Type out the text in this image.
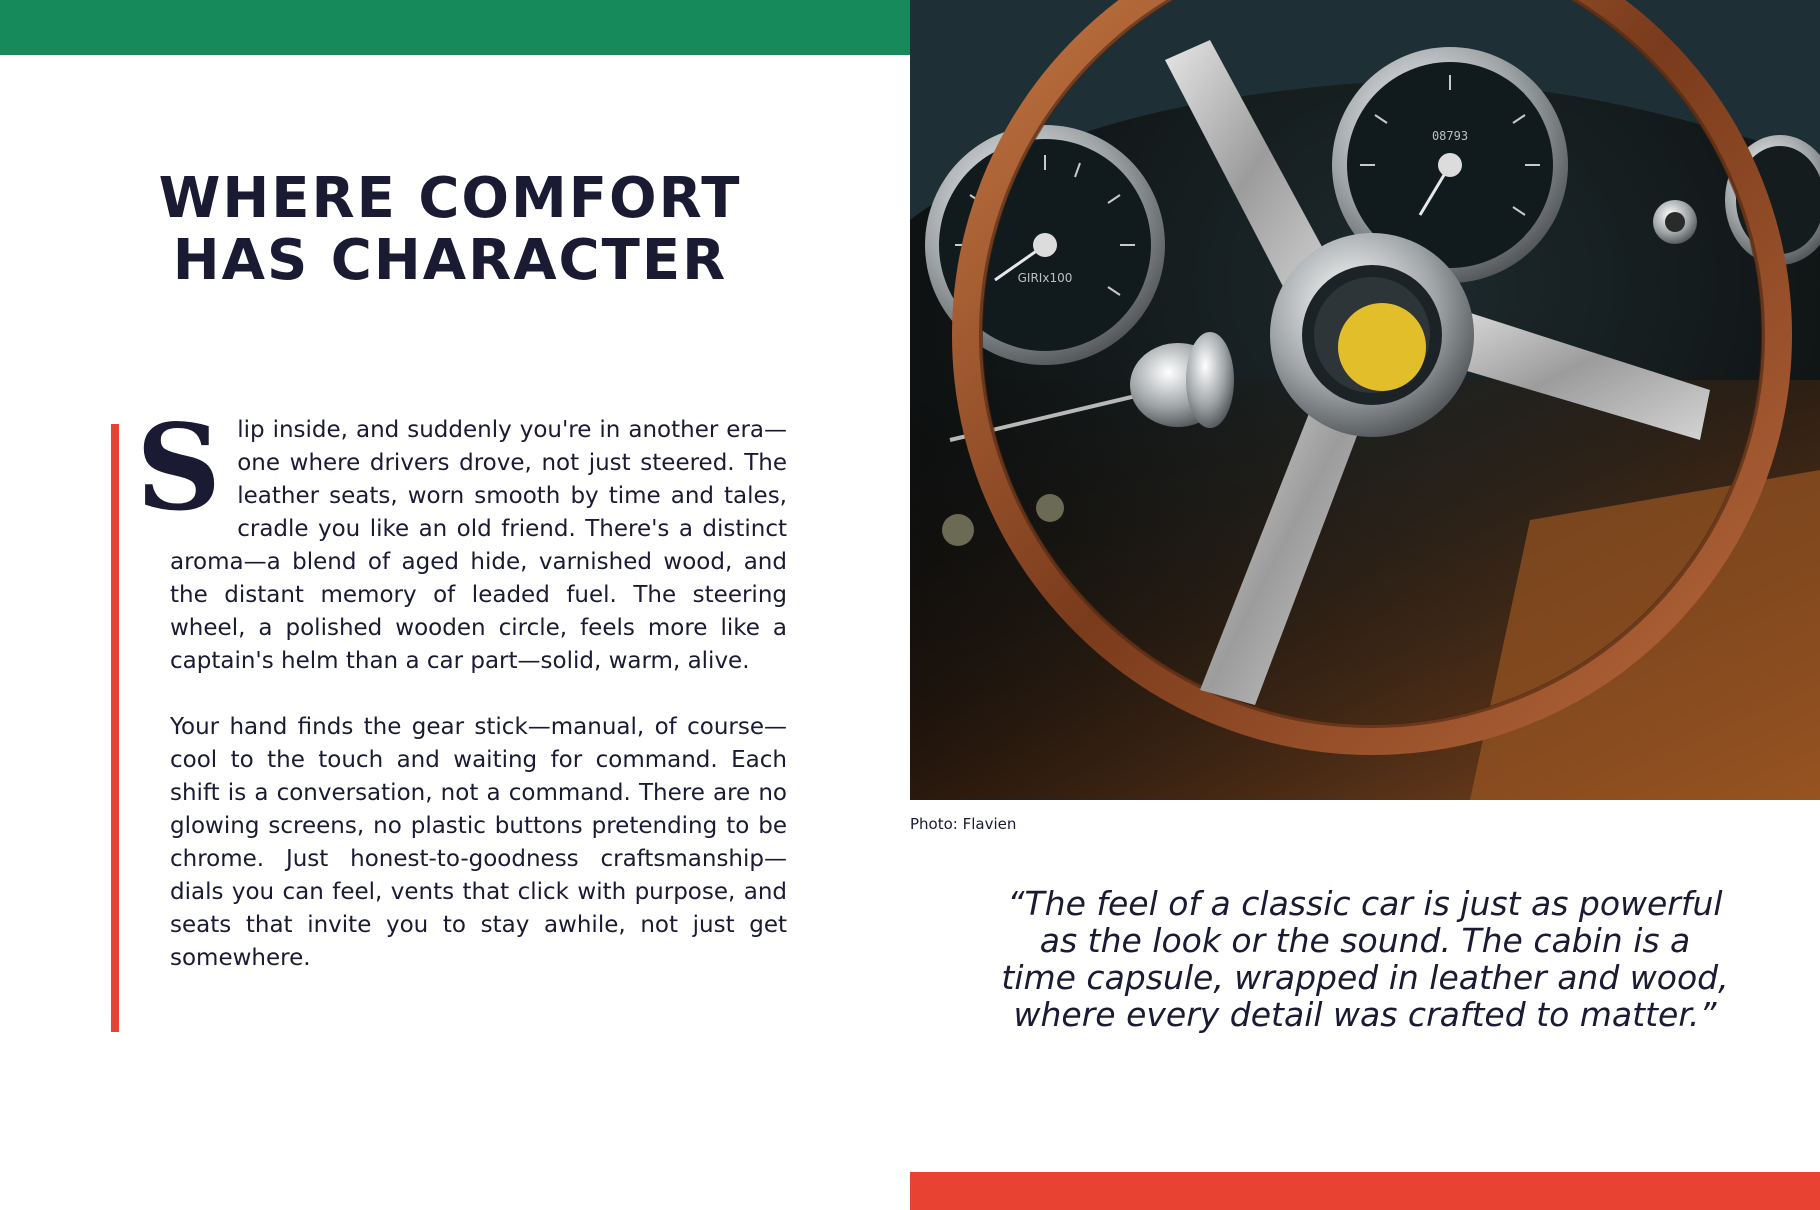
WHERE COMFORT
HAS CHARACTER

Slip inside, and suddenly you're in another era—one where drivers drove, not just steered. The leather seats, worn smooth by time and tales, cradle you like an old friend. There's a distinct aroma—a blend of aged hide, varnished wood, and the distant memory of leaded fuel. The steering wheel, a polished wooden circle, feels more like a captain's helm than a car part—solid, warm, alive.

Your hand finds the gear stick—manual, of course—cool to the touch and waiting for command. Each shift is a conversation, not a command. There are no glowing screens, no plastic buttons pretending to be chrome. Just honest-to-goodness craftsmanship—dials you can feel, vents that click with purpose, and seats that invite you to stay awhile, not just get somewhere.

GIRIx100
08793
Photo: Flavien

“The feel of a classic car is just as powerful as the look or the sound. The cabin is a time capsule, wrapped in leather and wood, where every detail was crafted to matter.”
